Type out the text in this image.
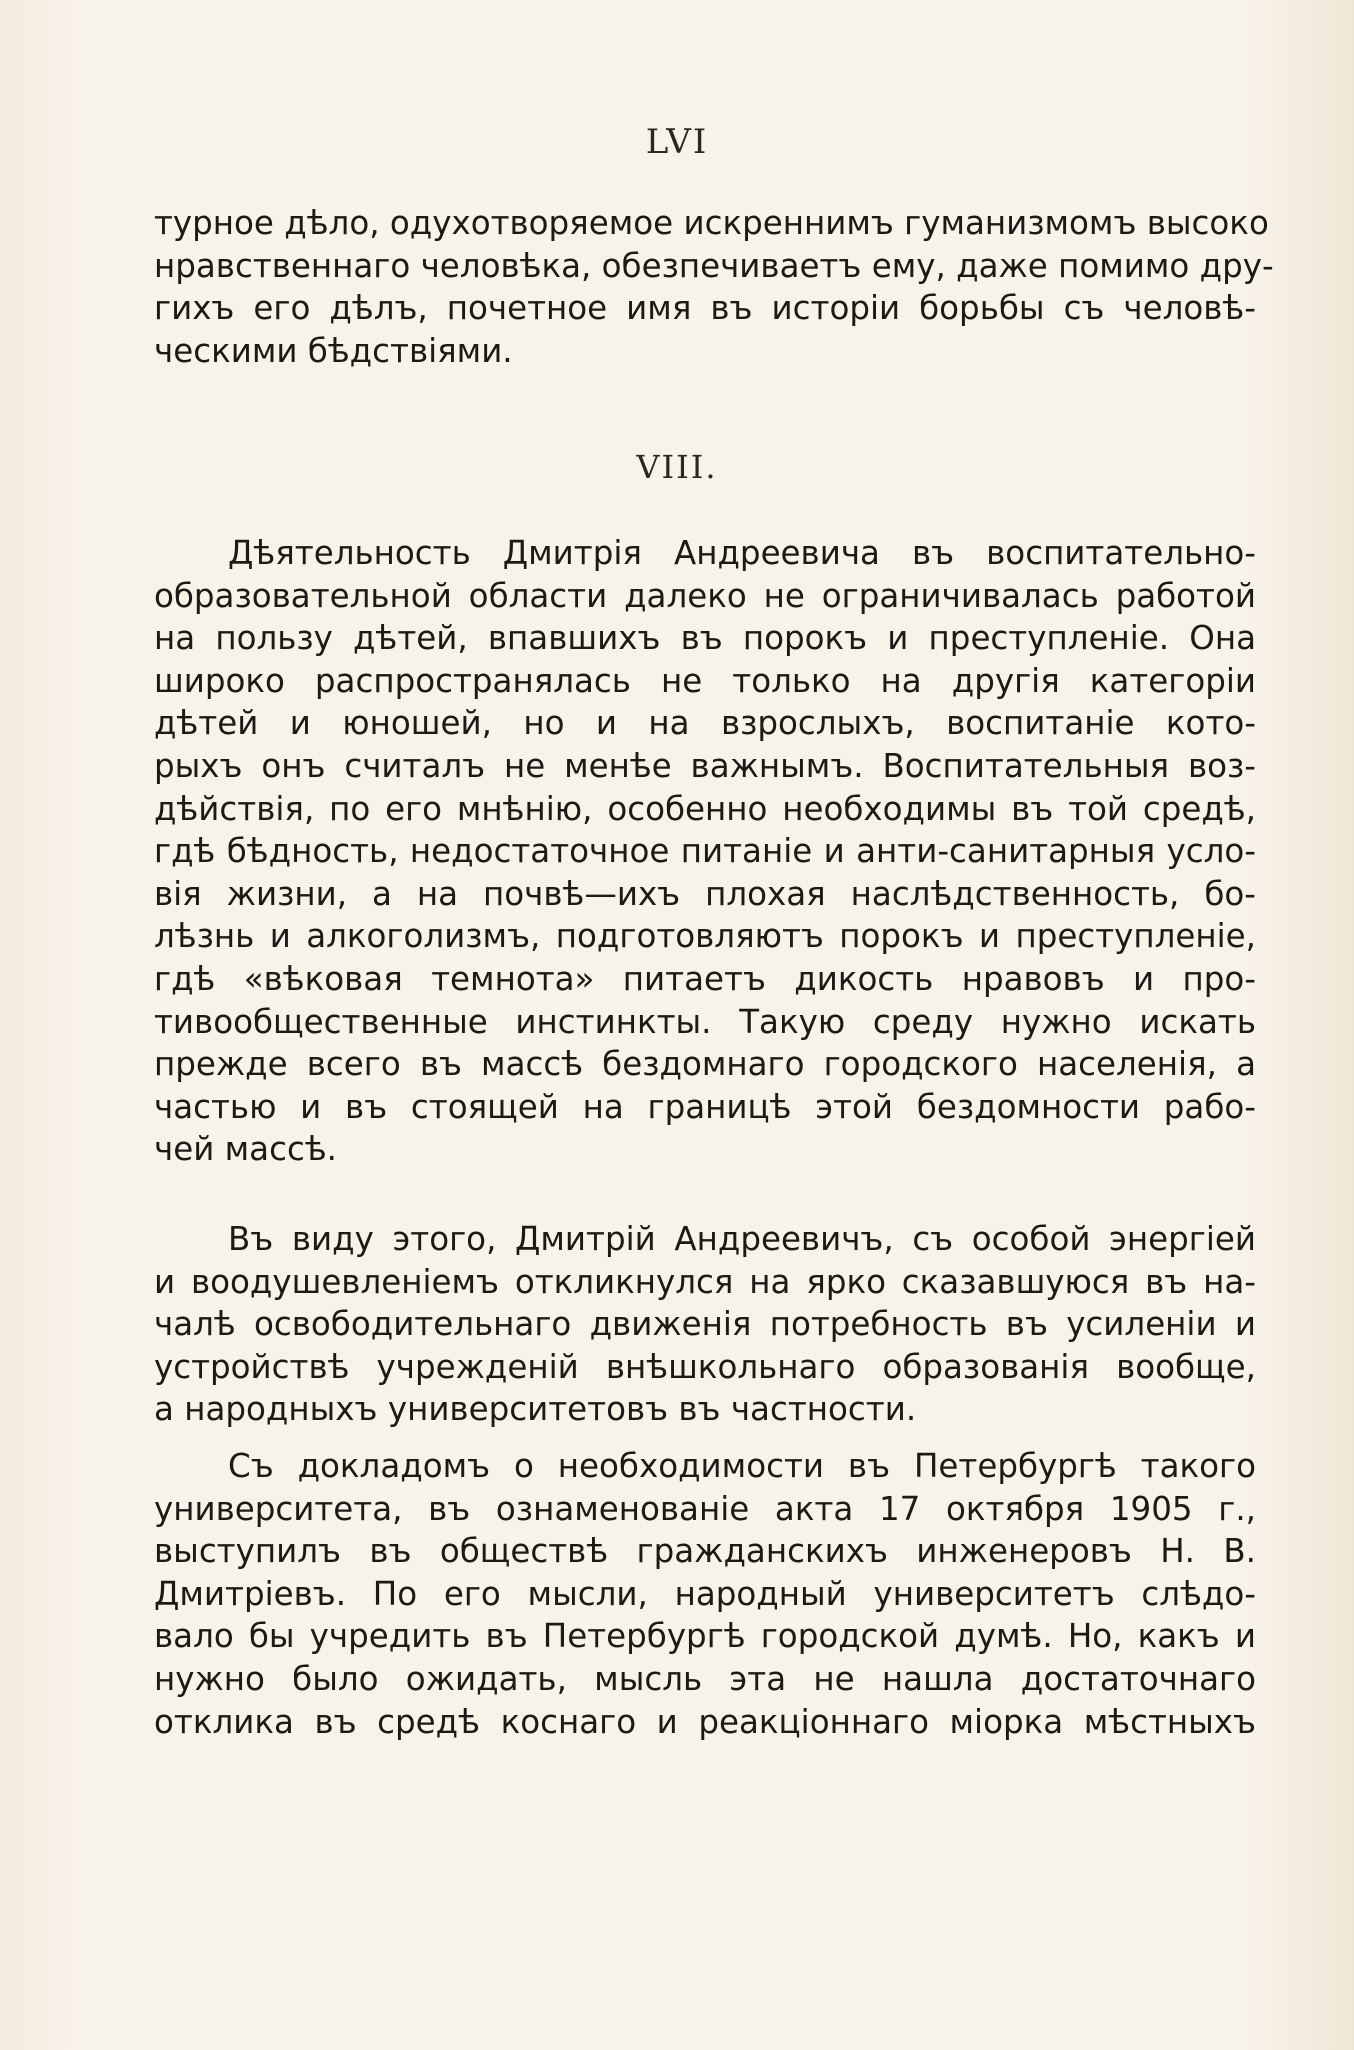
LVI
турное дѣло, одухотворяемое искреннимъ гуманизмомъ высоко
нравственнаго человѣка, обезпечиваетъ ему, даже помимо дру-
гихъ его дѣлъ, почетное имя въ исторіи борьбы съ человѣ-
ческими бѣдствіями.
VIII.
Дѣятельность Дмитрія Андреевича въ воспитательно-
образовательной области далеко не ограничивалась работой
на пользу дѣтей, впавшихъ въ порокъ и преступленіе. Она
широко распространялась не только на другія категоріи
дѣтей и юношей, но и на взрослыхъ, воспитаніе кото-
рыхъ онъ считалъ не менѣе важнымъ. Воспитательныя воз-
дѣйствія, по его мнѣнію, особенно необходимы въ той средѣ,
гдѣ бѣдность, недостаточное питаніе и анти-санитарныя усло-
вія жизни, а на почвѣ—ихъ плохая наслѣдственность, бо-
лѣзнь и алкоголизмъ, подготовляютъ порокъ и преступленіе,
гдѣ «вѣковая темнота» питаетъ дикость нравовъ и про-
тивообщественные инстинкты. Такую среду нужно искать
прежде всего въ массѣ бездомнаго городского населенія, а
частью и въ стоящей на границѣ этой бездомности рабо-
чей массѣ.
Въ виду этого, Дмитрій Андреевичъ, съ особой энергіей
и воодушевленіемъ откликнулся на ярко сказавшуюся въ на-
чалѣ освободительнаго движенія потребность въ усиленіи и
устройствѣ учрежденій внѣшкольнаго образованія вообще,
а народныхъ университетовъ въ частности.
Съ докладомъ о необходимости въ Петербургѣ такого
университета, въ ознаменованіе акта 17 октября 1905 г.,
выступилъ въ обществѣ гражданскихъ инженеровъ Н. В.
Дмитріевъ. По его мысли, народный университетъ слѣдо-
вало бы учредить въ Петербургѣ городской думѣ. Но, какъ и
нужно было ожидать, мысль эта не нашла достаточнаго
отклика въ средѣ коснаго и реакціоннаго міорка мѣстныхъ
